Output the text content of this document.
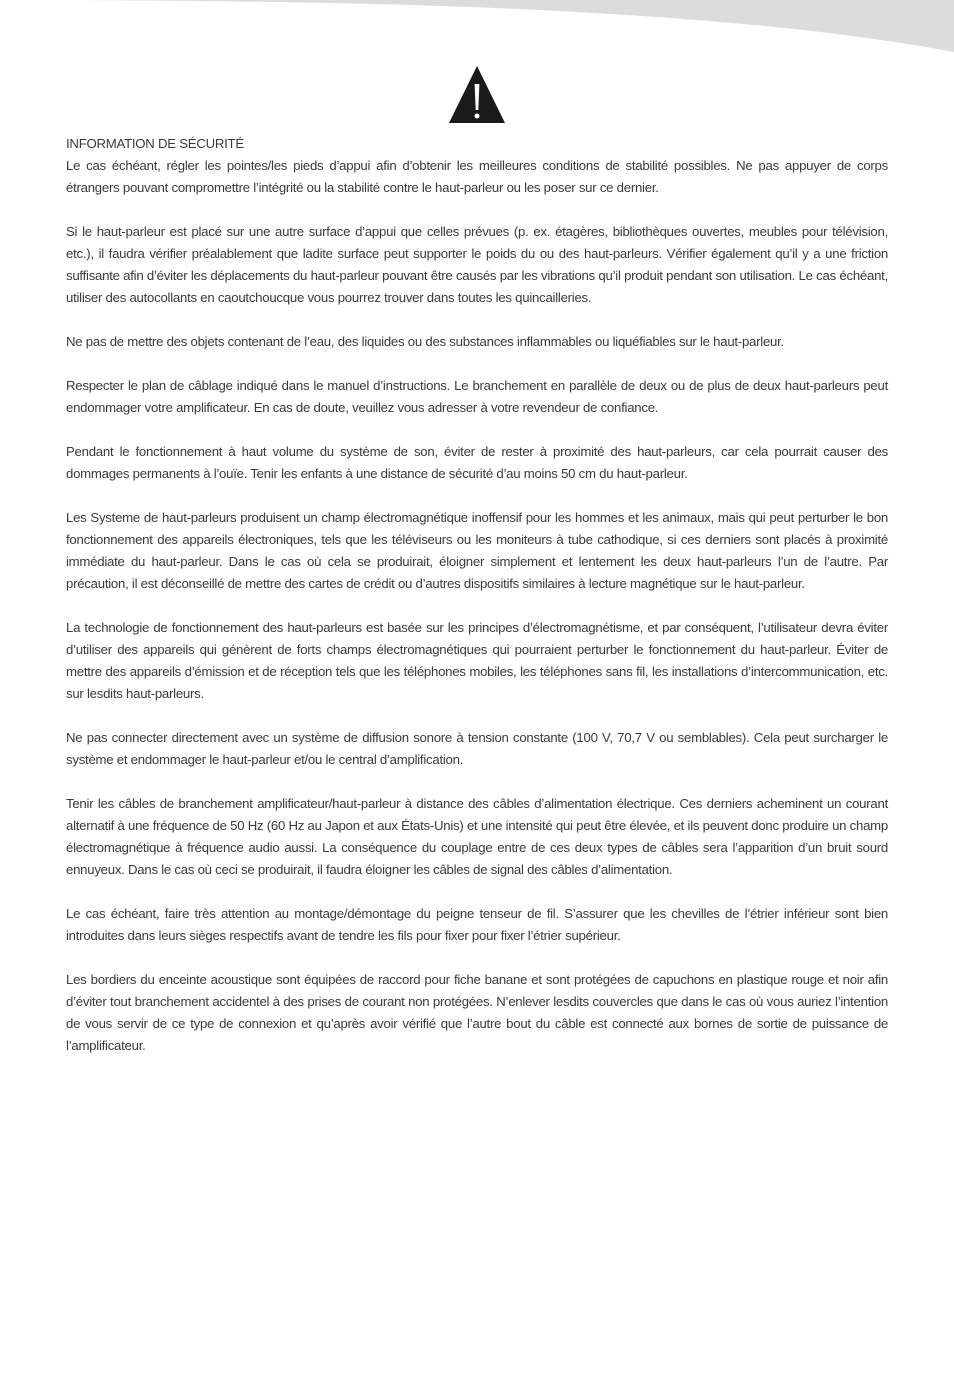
INFORMATION DE SÉCURITÉ

Le cas échéant, régler les pointes/les pieds d’appui afin d’obtenir les meilleures conditions de stabilité possibles. Ne pas appuyer de corps étrangers pouvant compromettre l’intégrité ou la stabilité contre le haut-parleur ou les poser sur ce dernier.

Si le haut-parleur est placé sur une autre surface d’appui que celles prévues (p. ex. étagères, bibliothèques ouvertes, meubles pour télévision, etc.), il faudra vérifier préalablement que ladite surface peut supporter le poids du ou des haut-parleurs. Vérifier également qu’il y a une friction suffisante afin d’éviter les déplacements du haut-parleur pouvant être causés par les vibrations qu’il produit pendant son utilisation. Le cas échéant, utiliser des autocollants en caoutchoucque vous pourrez trouver dans toutes les quincailleries.

Ne pas de mettre des objets contenant de l’eau, des liquides ou des substances inflammables ou liquéfiables sur le haut-parleur.

Respecter le plan de câblage indiqué dans le manuel d’instructions. Le branchement en parallèle de deux ou de plus de deux haut-parleurs peut endommager votre amplificateur. En cas de doute, veuillez vous adresser à votre revendeur de confiance.

Pendant le fonctionnement à haut volume du système de son, éviter de rester à proximité des haut-parleurs, car cela pourrait causer des dommages permanents à l’ouïe. Tenir les enfants à une distance de sécurité d’au moins 50 cm du haut-parleur.

Les Systeme de haut-parleurs produisent un champ électromagnétique inoffensif pour les hommes et les animaux, mais qui peut perturber le bon fonctionnement des appareils électroniques, tels que les téléviseurs ou les moniteurs à tube cathodique, si ces derniers sont placés à proximité immédiate du haut-parleur. Dans le cas où cela se produirait, éloigner simplement et lentement les deux haut-parleurs l’un de l’autre. Par précaution, il est déconseillé de mettre des cartes de crédit ou d’autres dispositifs similaires à lecture magnétique sur le haut-parleur.

La technologie de fonctionnement des haut-parleurs est basée sur les principes d’électromagnétisme, et par conséquent, l’utilisateur devra éviter d’utiliser des appareils qui génèrent de forts champs électromagnétiques qui pourraient perturber le fonctionnement du haut-parleur. Éviter de mettre des appareils d’émission et de réception tels que les téléphones mobiles, les téléphones sans fil, les installations d’intercommunication, etc. sur lesdits haut-parleurs.

Ne pas connecter directement avec un système de diffusion sonore à tension constante (100 V, 70,7 V ou semblables). Cela peut surcharger le système et endommager le haut-parleur et/ou le central d’amplification.

Tenir les câbles de branchement amplificateur/haut-parleur à distance des câbles d’alimentation électrique. Ces derniers acheminent un courant alternatif à une fréquence de 50 Hz (60 Hz au Japon et aux États-Unis) et une intensité qui peut être élevée, et ils peuvent donc produire un champ électromagnétique à fréquence audio aussi. La conséquence du couplage entre de ces deux types de câbles sera l’apparition d’un bruit sourd ennuyeux. Dans le cas où ceci se produirait, il faudra éloigner les câbles de signal des câbles d’alimentation.

Le cas échéant, faire très attention au montage/démontage du peigne tenseur de fil. S’assurer que les chevilles de l’étrier inférieur sont bien introduites dans leurs sièges respectifs avant de tendre les fils pour fixer pour fixer l’étrier supérieur.

Les bordiers du enceinte acoustique sont équipées de raccord pour fiche banane et sont protégées de capuchons en plastique rouge et noir afin d’éviter tout branchement accidentel à des prises de courant non protégées. N’enlever lesdits couvercles que dans le cas où vous auriez l’intention de vous servir de ce type de connexion et qu’après avoir vérifié que l’autre bout du câble est connecté aux bornes de sortie de puissance de l’amplificateur.
